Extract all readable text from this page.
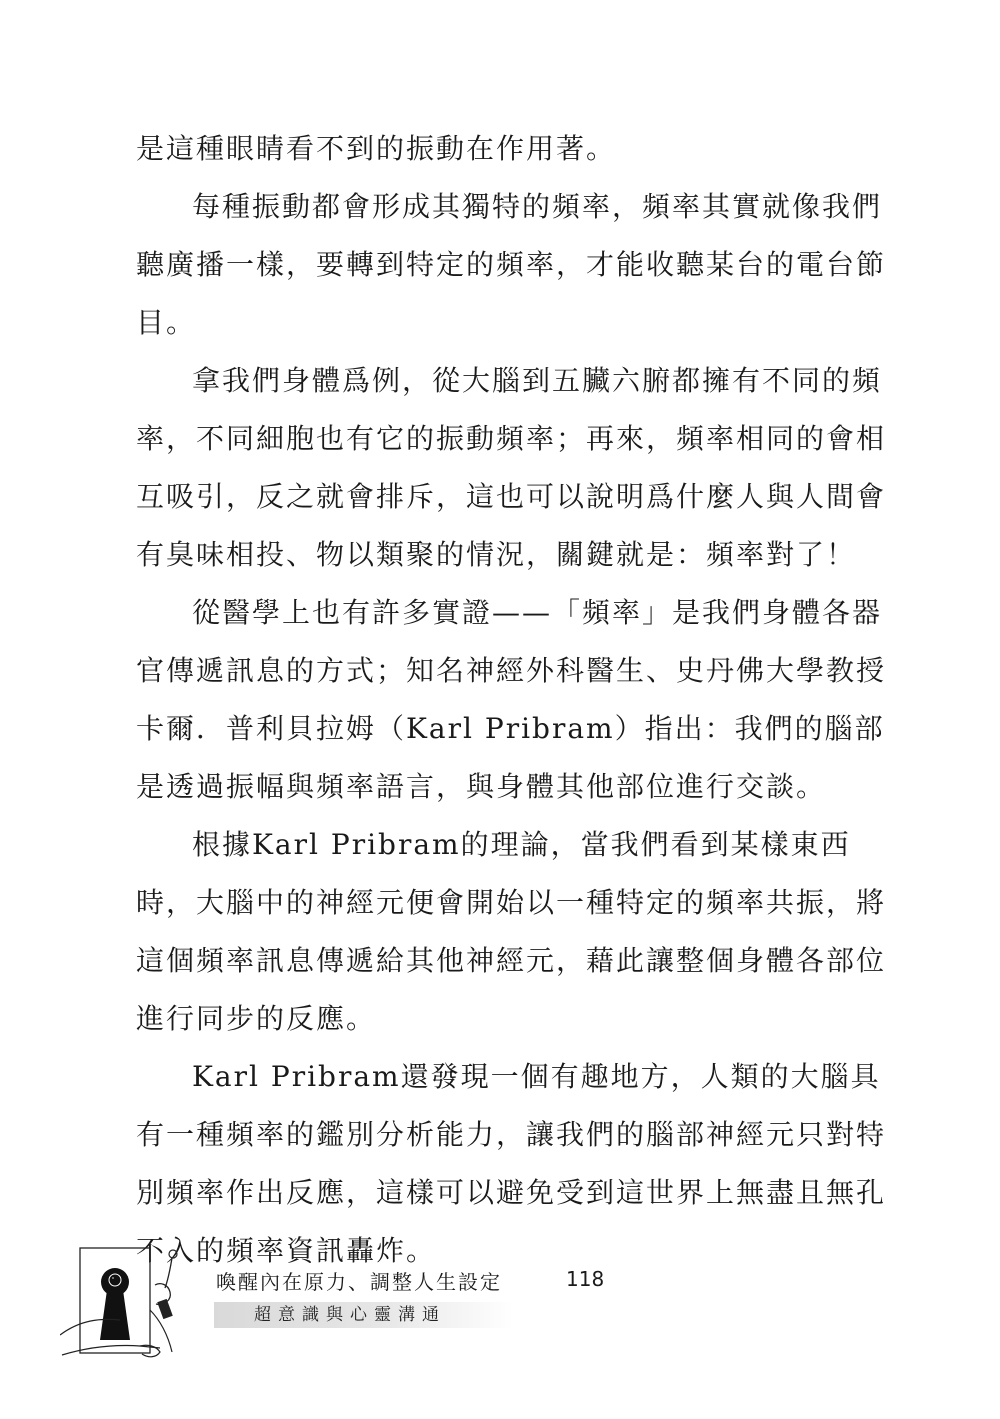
是這種眼睛看不到的振動在作用著。
每種振動都會形成其獨特的頻率，頻率其實就像我們
聽廣播一樣，要轉到特定的頻率，才能收聽某台的電台節
目。
拿我們身體爲例，從大腦到五臟六腑都擁有不同的頻
率，不同細胞也有它的振動頻率；再來，頻率相同的會相
互吸引，反之就會排斥，這也可以說明爲什麼人與人間會
有臭味相投、物以類聚的情況，關鍵就是：頻率對了！
從醫學上也有許多實證——「頻率」是我們身體各器
官傳遞訊息的方式；知名神經外科醫生、史丹佛大學教授
卡爾．普利貝拉姆（Karl Pribram）指出：我們的腦部
是透過振幅與頻率語言，與身體其他部位進行交談。
根據Karl Pribram的理論，當我們看到某樣東西
時，大腦中的神經元便會開始以一種特定的頻率共振，將
這個頻率訊息傳遞給其他神經元，藉此讓整個身體各部位
進行同步的反應。
Karl Pribram還發現一個有趣地方，人類的大腦具
有一種頻率的鑑別分析能力，讓我們的腦部神經元只對特
別頻率作出反應，這樣可以避免受到這世界上無盡且無孔
不入的頻率資訊轟炸。
喚醒內在原力、調整人生設定	118
超意識與心靈溝通
